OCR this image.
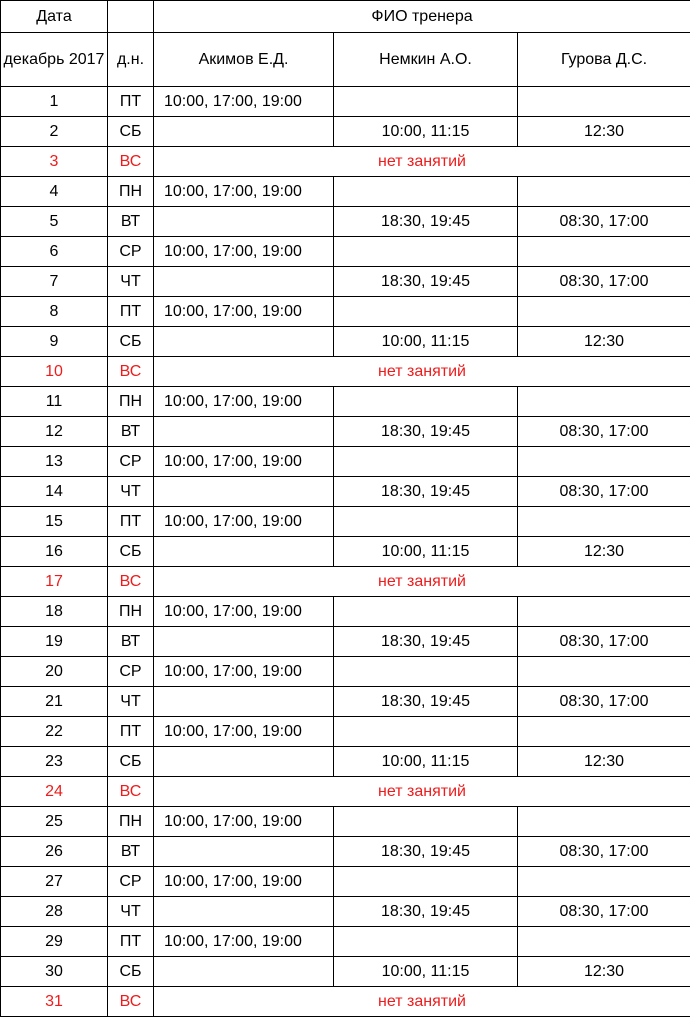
Дата		ФИО тренера		
декабрь 2017	д.н.	Акимов Е.Д.	Немкин А.О.	Гурова Д.С.
1	ПТ	10:00, 17:00, 19:00		
2	СБ		10:00, 11:15	12:30
3	ВС	нет занятий		
4	ПН	10:00, 17:00, 19:00		
5	ВТ		18:30, 19:45	08:30, 17:00
6	СР	10:00, 17:00, 19:00		
7	ЧТ		18:30, 19:45	08:30, 17:00
8	ПТ	10:00, 17:00, 19:00		
9	СБ		10:00, 11:15	12:30
10	ВС	нет занятий		
11	ПН	10:00, 17:00, 19:00		
12	ВТ		18:30, 19:45	08:30, 17:00
13	СР	10:00, 17:00, 19:00		
14	ЧТ		18:30, 19:45	08:30, 17:00
15	ПТ	10:00, 17:00, 19:00		
16	СБ		10:00, 11:15	12:30
17	ВС	нет занятий		
18	ПН	10:00, 17:00, 19:00		
19	ВТ		18:30, 19:45	08:30, 17:00
20	СР	10:00, 17:00, 19:00		
21	ЧТ		18:30, 19:45	08:30, 17:00
22	ПТ	10:00, 17:00, 19:00		
23	СБ		10:00, 11:15	12:30
24	ВС	нет занятий		
25	ПН	10:00, 17:00, 19:00		
26	ВТ		18:30, 19:45	08:30, 17:00
27	СР	10:00, 17:00, 19:00		
28	ЧТ		18:30, 19:45	08:30, 17:00
29	ПТ	10:00, 17:00, 19:00		
30	СБ		10:00, 11:15	12:30
31	ВС	нет занятий		
